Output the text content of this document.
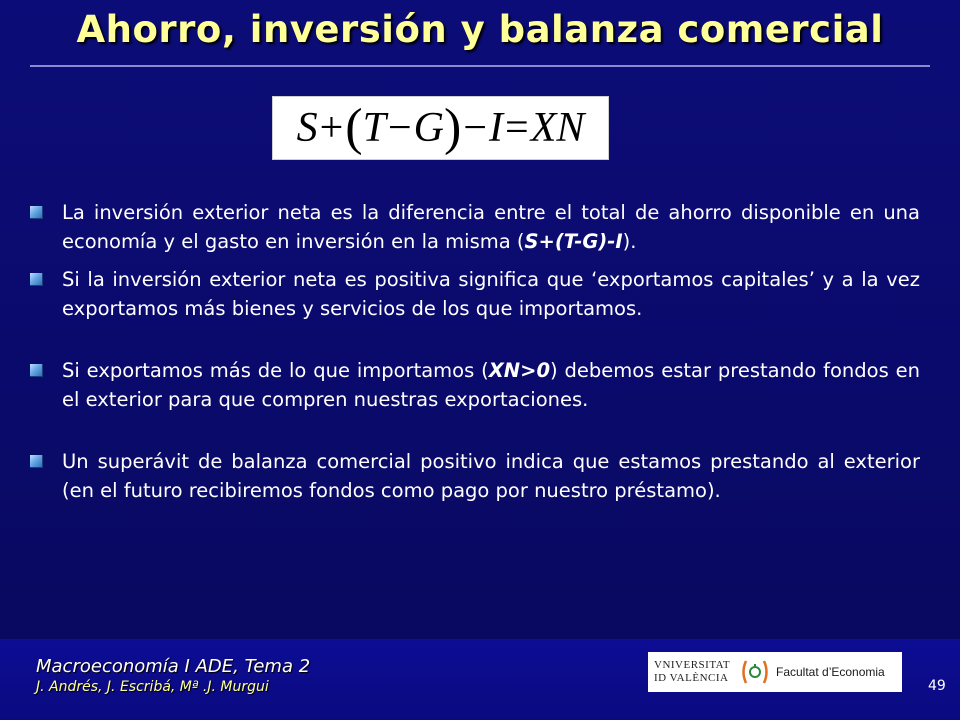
Ahorro, inversión y balanza comercial
S + ( T − G ) − I = XN
La inversión exterior neta es la diferencia entre el total de ahorro disponible en una economía y el gasto en inversión en la misma (S+(T-G)-I).
Si la inversión exterior neta es positiva significa que ‘exportamos capitales’ y a la vez exportamos más bienes y servicios de los que importamos.
Si exportamos más de lo que importamos (XN>0) debemos estar prestando fondos en el exterior para que compren nuestras exportaciones.
Un superávit de balanza comercial positivo indica que estamos prestando al exterior (en el futuro recibiremos fondos como pago por nuestro préstamo).
Macroeconomía I ADE, Tema 2
J. Andrés, J. Escribá, Mª .J. Murgui
VNIVERSITAT
ID VALÈNCIA	Facultat d’Economia
49
